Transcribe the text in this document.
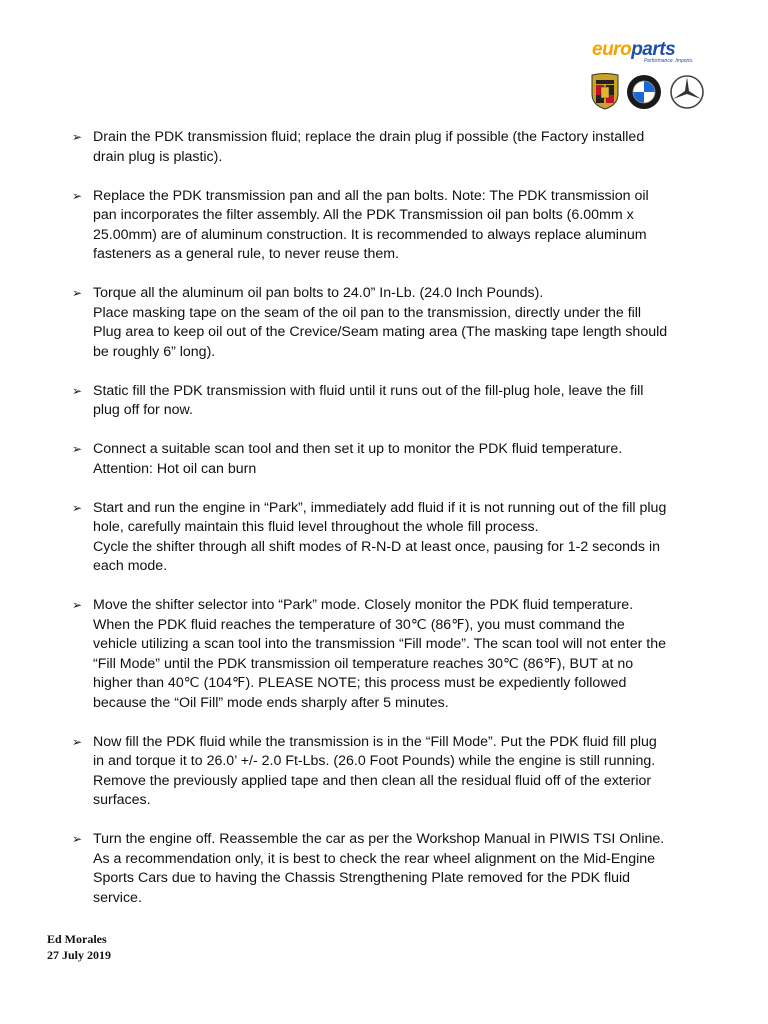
europarts
Performance. Imports.
➢ Drain the PDK transmission fluid; replace the drain plug if possible (the Factory installed
drain plug is plastic).
➢ Replace the PDK transmission pan and all the pan bolts. Note: The PDK transmission oil
pan incorporates the filter assembly. All the PDK Transmission oil pan bolts (6.00mm x
25.00mm) are of aluminum construction. It is recommended to always replace aluminum
fasteners as a general rule, to never reuse them.
➢ Torque all the aluminum oil pan bolts to 24.0” In-Lb. (24.0 Inch Pounds).
Place masking tape on the seam of the oil pan to the transmission, directly under the fill
Plug area to keep oil out of the Crevice/Seam mating area (The masking tape length should
be roughly 6” long).
➢ Static fill the PDK transmission with fluid until it runs out of the fill-plug hole, leave the fill
plug off for now.
➢ Connect a suitable scan tool and then set it up to monitor the PDK fluid temperature.
Attention: Hot oil can burn
➢ Start and run the engine in “Park”, immediately add fluid if it is not running out of the fill plug
hole, carefully maintain this fluid level throughout the whole fill process.
Cycle the shifter through all shift modes of R-N-D at least once, pausing for 1-2 seconds in
each mode.
➢ Move the shifter selector into “Park” mode. Closely monitor the PDK fluid temperature.
When the PDK fluid reaches the temperature of 30℃ (86℉), you must command the
vehicle utilizing a scan tool into the transmission “Fill mode”. The scan tool will not enter the
“Fill Mode” until the PDK transmission oil temperature reaches 30℃ (86℉), BUT at no
higher than 40℃ (104℉). PLEASE NOTE; this process must be expediently followed
because the “Oil Fill” mode ends sharply after 5 minutes.
➢ Now fill the PDK fluid while the transmission is in the “Fill Mode”. Put the PDK fluid fill plug
in and torque it to 26.0’ +/- 2.0 Ft-Lbs. (26.0 Foot Pounds) while the engine is still running.
Remove the previously applied tape and then clean all the residual fluid off of the exterior
surfaces.
➢ Turn the engine off. Reassemble the car as per the Workshop Manual in PIWIS TSI Online.
As a recommendation only, it is best to check the rear wheel alignment on the Mid-Engine
Sports Cars due to having the Chassis Strengthening Plate removed for the PDK fluid
service.
Ed Morales
27 July 2019
